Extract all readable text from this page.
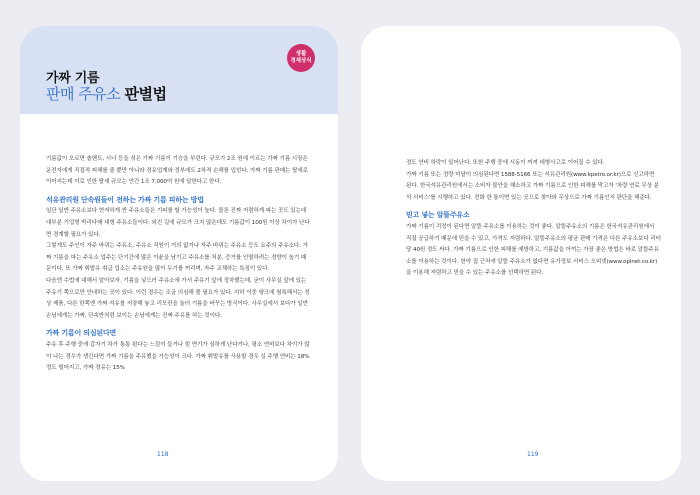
생활
경제상식
가짜 기름
판매 주유소 판별법

기름값이 오르면 솔벤트, 시너 등을 섞은 가짜 기름이 기승을 부린다. 규모가 2조 원에 이르는 가짜 기름 시장은 운전자에게 직접적 피해를 줄 뿐만 아니라 정유업계와 정부에도 2차적 손해를 입힌다. 가짜 기름 판매는 탈세로 이어지는데 이로 인한 탈세 규모는 연간 1조 7,000억 원에 달한다고 한다.

석유관리원 단속원들이 전하는 가짜 기름 피하는 방법

일단 일반 주유소보다 현저하게 싼 주유소들은 기피를 할 가능성이 높다. 물론 진짜 저렴하게 파는 곳도 있는데 대부분 기업형 박리다매 대형 주유소들이다. 외진 길에 규모가 크지 않은데도 기름값이 100원 이상 차이가 난다면 경계할 필요가 있다.

그렇게도 주인이 자주 바뀌는 주유소, 주유소 직원이 거의 없거나 자주 바뀌는 주유소 등도 요주의 주유소다. 가짜 기름을 파는 주유소 업주는 단기간에 많은 이윤을 남기고 주유소를 처분, 증거를 인멸하려는 경향이 높기 때문이다. 또 가짜 휘발유 취급 업소는 주유원을 많이 두기를 꺼리며, 자주 교체하는 특징이 있다.

다음엔 수법에 대해서 알아보자. 기름을 넣으러 주유소에 가서 주유기 앞에 정차했는데, 굳이 사무실 앞에 있는 주유기 쪽으로만 안내하는 곳이 있다. 이런 경우는 조금 의심해 볼 필요가 있다. 지하 이중 탱크에 첨록해서는 정상 제품, 다른 한쪽엔 가짜 석유를 저장해 놓고 리모컨을 눌러 기름을 바꾸는 방식이다. 사무실에서 보다가 일반 손님에게는 가짜, 단속반처럼 보이는 손님에게는 진짜 주유를 하는 것이다.

가짜 기름이 의심된다면

주유 후 주행 중에 갑자기 차가 통통 튄다는 느낌이 들거나 힘 면기가 심하게 난다거나, 평소 연비보다 차이가 많이 나는 경우가 생긴다면 가짜 기름을 주유했을 가능성이 크다. 가짜 휘발유를 사용할 경우 실 주행 연비는 18%정도 떨어지고, 가짜 경유는 15%

118

정도 연비 하락이 일어난다. 또한 주행 중에 시동이 꺼져 대형사고로 이어질 수 있다.

가짜 기름 또는 정량 미달이 의심된다면 1588-5166 또는 석유관리원(www.kpetro.or.kr)으로 신고하면 된다. 한국석유관리원에서는 소비자 불안을 해소하고 가짜 기름으로 인한 피해를 막고자 '차량 연료 무상 분석 서비스'를 시행하고 있다. 전화 한 통이면 있는 곳으로 찾아와 무상으로 가짜 기름인지 판단을 해준다.

믿고 넣는 알뜰주유소

가짜 기름이 걱정이 된다면 알뜰 주유소를 이용하는 것이 좋다. 알뜰주유소의 기름은 한국석유관리원에서 직접 공급하기 때문에 믿을 수 있고, 가격도 저렴하다. 알뜰주유소의 평균 판매 가격은 다른 주유소보다 리터당 40원 정도 싸다. 가짜 기름으로 인한 피해를 예방하고, 기름값을 아끼는 가장 좋은 방법은 바로 알뜰주유소를 이용하는 것이다. 한약 집 근처에 알뜰 주유소가 없다면 유가정보 서비스 오피넷(www.opinet.co.kr)을 이용해 저렴하고 믿을 수 있는 주유소를 선택하면 된다.

119
